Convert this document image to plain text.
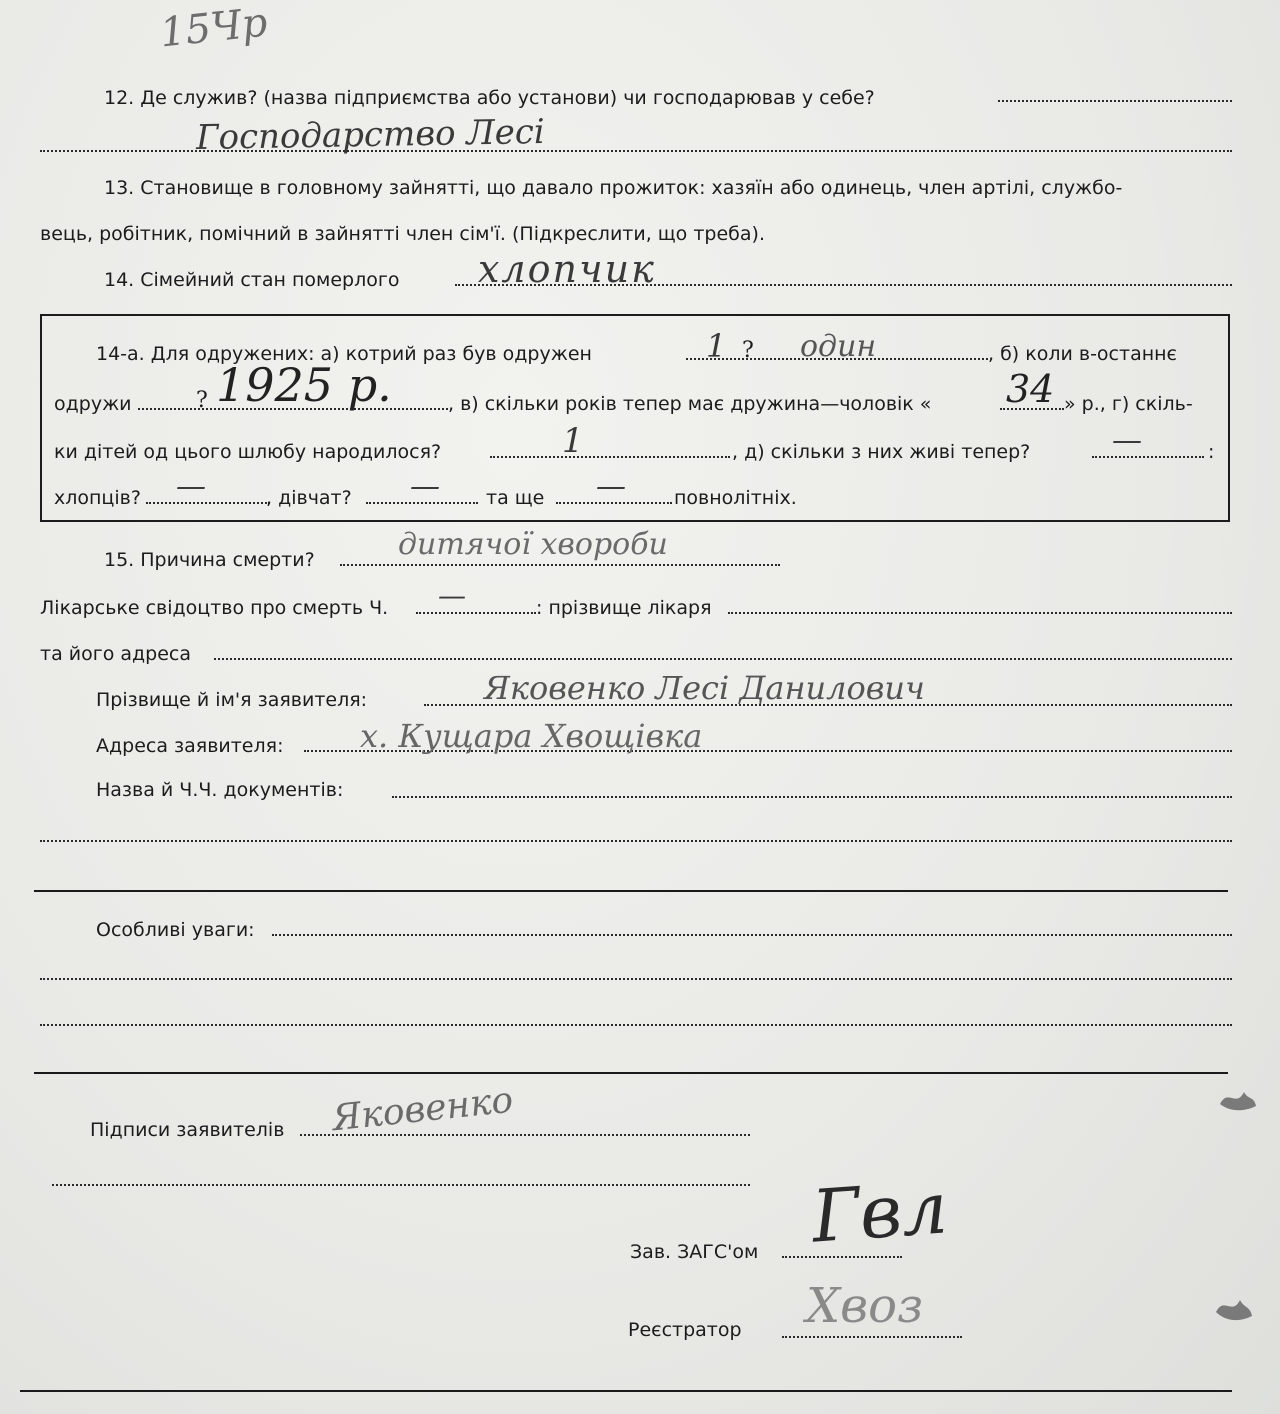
15Чр
12. Де служив? (назва підприємства або установи) чи господарював у себе?
Господарство Лесі
13. Становище в головному зайнятті, що давало прожиток: хазяїн або одинець, член артілі, службо-
вець, робітник, помічний в зайнятті член сім'ї. (Підкреслити, що треба).
14. Сімейний стан померлого хлопчик
14-а. Для одружених: а) котрий раз був одружен	1 ? один	, б) коли в-останнє
одружи	? 1925 р.	, в) скільки років тепер має дружина—чоловік « 34 » р., г) скіль-
ки дітей од цього шлюбу народилося?	1	, д) скільки з них живі тепер?	—	:
хлопців? —	, дівчат? — та ще —	повнолітніх.
15. Причина смерти?	дитячої хвороби
Лікарське свідоцтво про смерть Ч. —	: прізвище лікаря
та його адреса
Прізвище й ім'я заявителя:	Яковенко Лесі Данилович
Адреса заявителя: х. Кущара Хвощівка
Назва й Ч.Ч. документів:
Особливі уваги:
Підписи заявителів Яковенко
Зав. ЗАГС'ом Гвл
Реєстратор Хвоз
